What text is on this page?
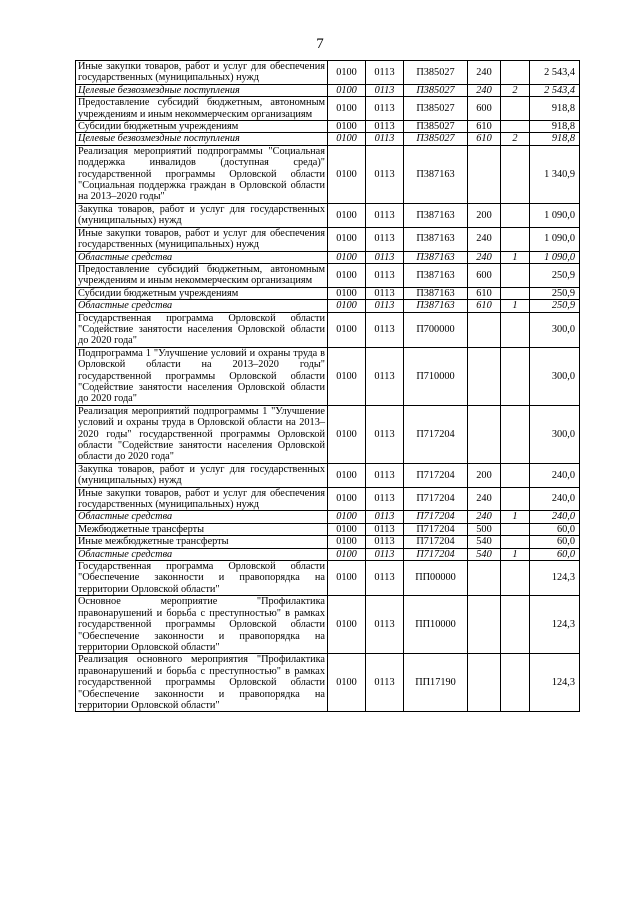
7
Иные закупки товаров, работ и услуг для обеспечения государственных (муниципальных) нужд	0100	0113	П385027	240		2 543,4
Целевые безвозмездные поступления	0100	0113	П385027	240	2	2 543,4
Предоставление субсидий бюджетным, автономным учреждениям и иным некоммерческим организациям	0100	0113	П385027	600		918,8
Субсидии бюджетным учреждениям	0100	0113	П385027	610		918,8
Целевые безвозмездные поступления	0100	0113	П385027	610	2	918,8
Реализация мероприятий подпрограммы "Социальная поддержка инвалидов (доступная среда)" государственной программы Орловской области "Социальная поддержка граждан в Орловской области на 2013–2020 годы"	0100	0113	П387163			1 340,9
Закупка товаров, работ и услуг для государственных (муниципальных) нужд	0100	0113	П387163	200		1 090,0
Иные закупки товаров, работ и услуг для обеспечения государственных (муниципальных) нужд	0100	0113	П387163	240		1 090,0
Областные средства	0100	0113	П387163	240	1	1 090,0
Предоставление субсидий бюджетным, автономным учреждениям и иным некоммерческим организациям	0100	0113	П387163	600		250,9
Субсидии бюджетным учреждениям	0100	0113	П387163	610		250,9
Областные средства	0100	0113	П387163	610	1	250,9
Государственная программа Орловской области "Содействие занятости населения Орловской области до 2020 года"	0100	0113	П700000			300,0
Подпрограмма 1 "Улучшение условий и охраны труда в Орловской области на 2013–2020 годы" государственной программы Орловской области "Содействие занятости населения Орловской области до 2020 года"	0100	0113	П710000			300,0
Реализация мероприятий подпрограммы 1 "Улучшение условий и охраны труда в Орловской области на 2013–2020 годы" государственной программы Орловской области "Содействие занятости населения Орловской области до 2020 года"	0100	0113	П717204			300,0
Закупка товаров, работ и услуг для государственных (муниципальных) нужд	0100	0113	П717204	200		240,0
Иные закупки товаров, работ и услуг для обеспечения государственных (муниципальных) нужд	0100	0113	П717204	240		240,0
Областные средства	0100	0113	П717204	240	1	240,0
Межбюджетные трансферты	0100	0113	П717204	500		60,0
Иные межбюджетные трансферты	0100	0113	П717204	540		60,0
Областные средства	0100	0113	П717204	540	1	60,0
Государственная программа Орловской области "Обеспечение законности и правопорядка на территории Орловской области"	0100	0113	ПП00000			124,3
Основное мероприятие "Профилактика правонарушений и борьба с преступностью" в рамках государственной программы Орловской области "Обеспечение законности и правопорядка на территории Орловской области"	0100	0113	ПП10000			124,3
Реализация основного мероприятия "Профилактика правонарушений и борьба с преступностью" в рамках государственной программы Орловской области "Обеспечение законности и правопорядка на территории Орловской области"	0100	0113	ПП17190			124,3
